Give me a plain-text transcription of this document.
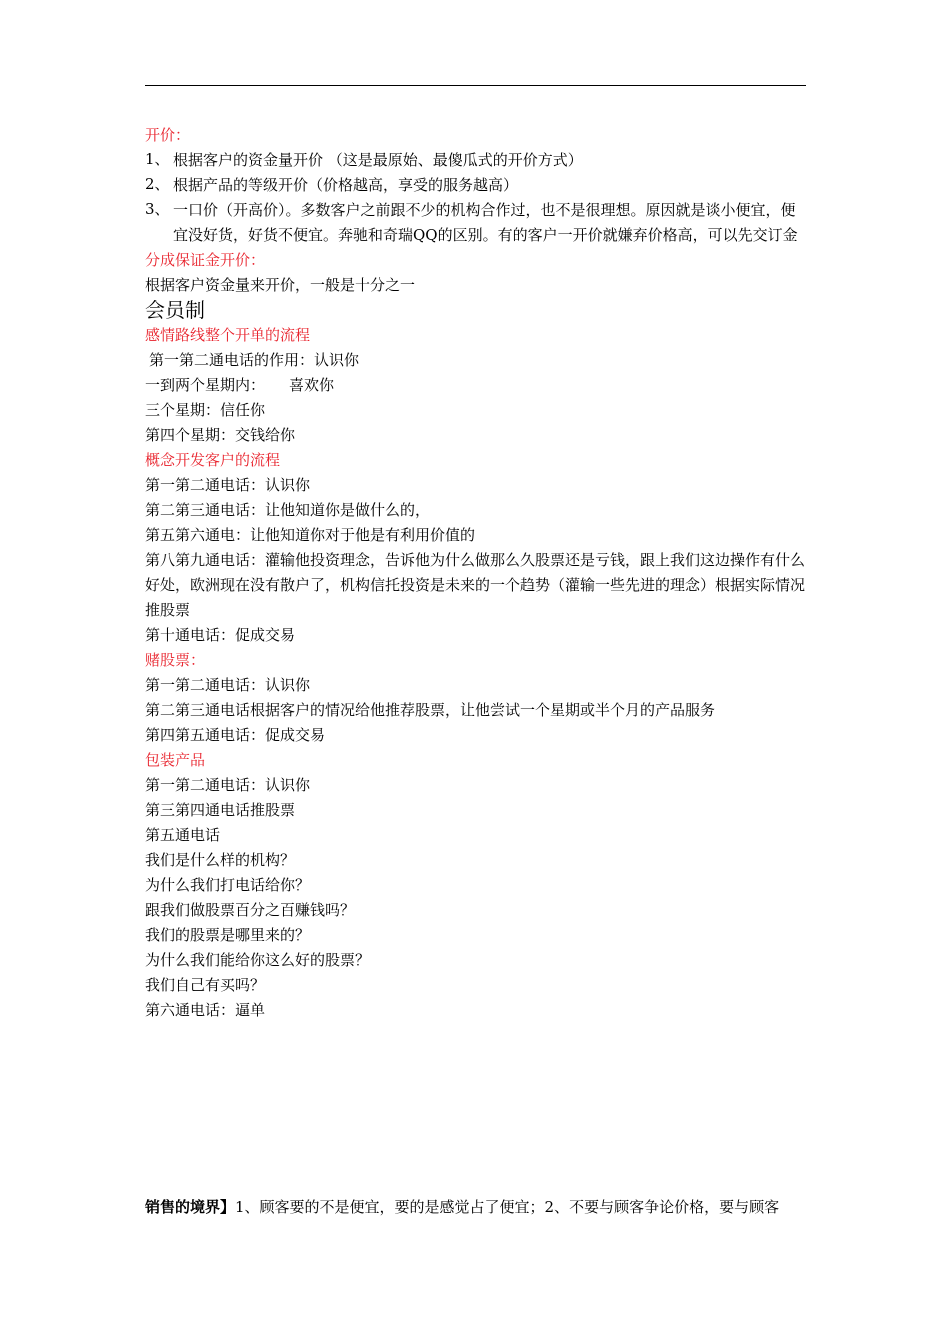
开价：
1、 根据客户的资金量开价 （这是最原始、最傻瓜式的开价方式）
2、 根据产品的等级开价（价格越高，享受的服务越高）
3、 一口价（开高价）。多数客户之前跟不少的机构合作过，也不是很理想。原因就是谈小便宜，便宜没好货，好货不便宜。奔驰和奇瑞QQ的区别。有的客户一开价就嫌弃价格高，可以先交订金
分成保证金开价：
根据客户资金量来开价，一般是十分之一
会员制
感情路线整个开单的流程
第一第二通电话的作用：认识你
一到两个星期内： 喜欢你
三个星期：信任你
第四个星期：交钱给你
概念开发客户的流程
第一第二通电话：认识你
第二第三通电话：让他知道你是做什么的，
第五第六通电：让他知道你对于他是有利用价值的
第八第九通电话：灌输他投资理念，告诉他为什么做那么久股票还是亏钱，跟上我们这边操作有什么好处，欧洲现在没有散户了，机构信托投资是未来的一个趋势（灌输一些先进的理念）根据实际情况推股票
第十通电话：促成交易
赌股票：
第一第二通电话：认识你
第二第三通电话根据客户的情况给他推荐股票，让他尝试一个星期或半个月的产品服务
第四第五通电话：促成交易
包装产品
第一第二通电话：认识你
第三第四通电话推股票
第五通电话
我们是什么样的机构？
为什么我们打电话给你？
跟我们做股票百分之百赚钱吗？
我们的股票是哪里来的？
为什么我们能给你这么好的股票？
我们自己有买吗？
第六通电话：逼单
销售的境界】1、顾客要的不是便宜，要的是感觉占了便宜；2、不要与顾客争论价格，要与顾客
